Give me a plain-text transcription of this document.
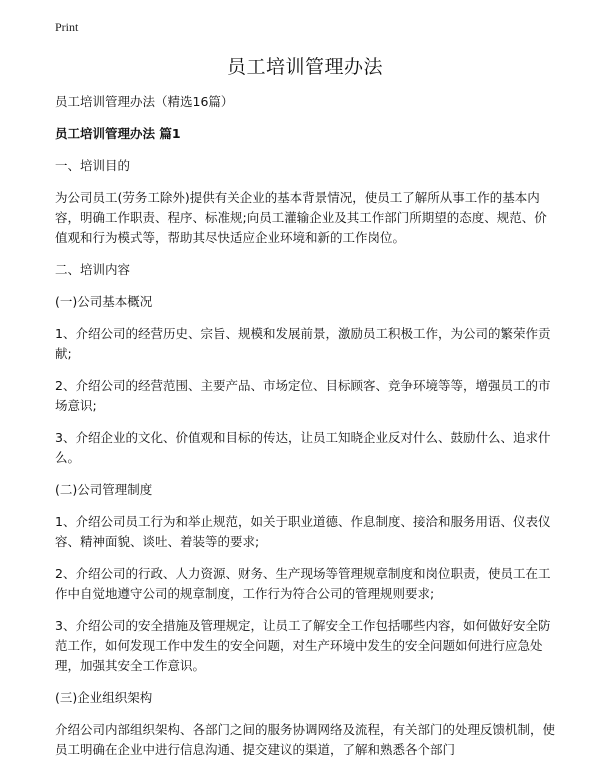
Print
员工培训管理办法

员工培训管理办法（精选16篇）

员工培训管理办法 篇1

一、培训目的

为公司员工(劳务工除外)提供有关企业的基本背景情况，使员工了解所从事工作的基本内容，明确工作职责、程序、标准规;向员工灌输企业及其工作部门所期望的态度、规范、价值观和行为模式等，帮助其尽快适应企业环境和新的工作岗位。

二、培训内容

(一)公司基本概况

1、介绍公司的经营历史、宗旨、规模和发展前景，激励员工积极工作，为公司的繁荣作贡献;

2、介绍公司的经营范围、主要产品、市场定位、目标顾客、竞争环境等等，增强员工的市场意识;

3、介绍企业的文化、价值观和目标的传达，让员工知晓企业反对什么、鼓励什么、追求什么。

(二)公司管理制度

1、介绍公司员工行为和举止规范，如关于职业道德、作息制度、接洽和服务用语、仪表仪容、精神面貌、谈吐、着装等的要求;

2、介绍公司的行政、人力资源、财务、生产现场等管理规章制度和岗位职责，使员工在工作中自觉地遵守公司的规章制度，工作行为符合公司的管理规则要求;

3、介绍公司的安全措施及管理规定，让员工了解安全工作包括哪些内容，如何做好安全防范工作，如何发现工作中发生的安全问题，对生产环境中发生的安全问题如何进行应急处理，加强其安全工作意识。

(三)企业组织架构

介绍公司内部组织架构、各部门之间的服务协调网络及流程，有关部门的处理反馈机制，使员工明确在企业中进行信息沟通、提交建议的渠道，了解和熟悉各个部门
